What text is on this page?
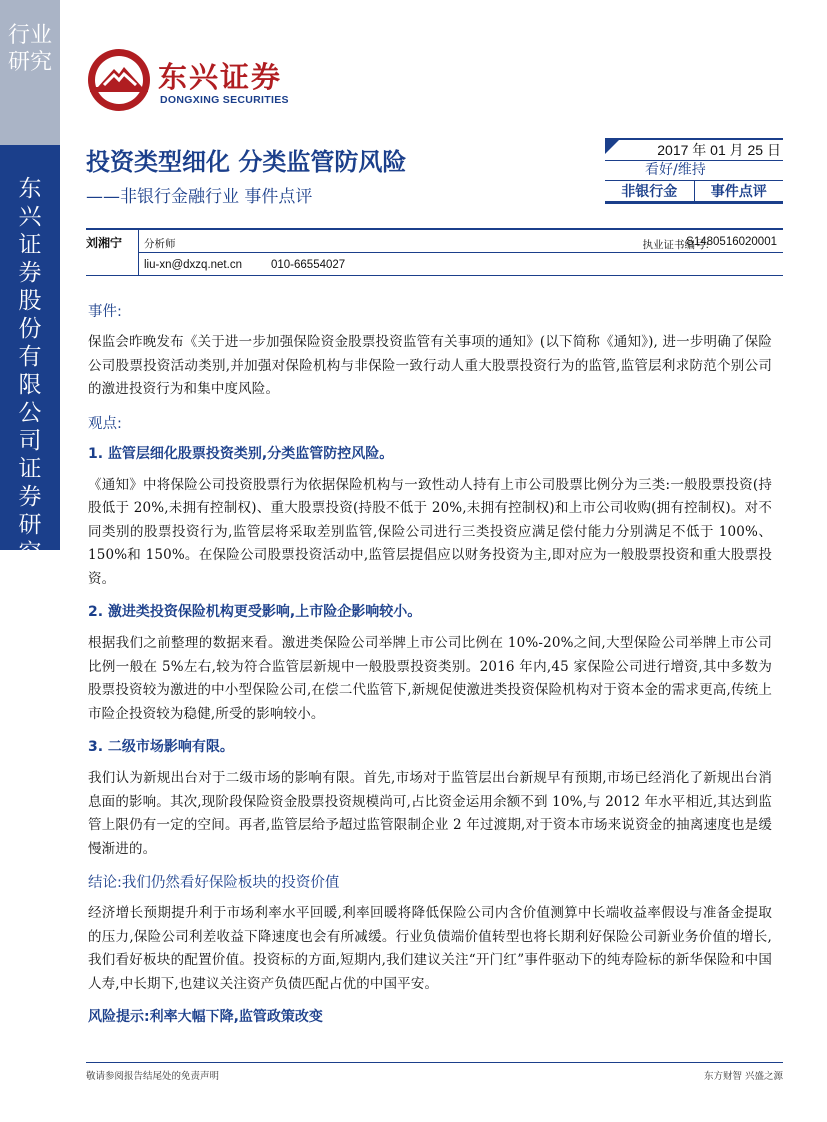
行业研究
东兴证券股份有限公司证券研究报告
东兴证券
DONGXING SECURITIES
投资类型细化 分类监管防风险
——非银行金融行业 事件点评
2017 年 01 月 25 日
看好/维持
非银行金	事件点评
刘湘宁 分析师	执业证书编号:
S1480516020001
liu-xn@dxzq.net.cn	010-66554027
事件:

保监会昨晚发布《关于进一步加强保险资金股票投资监管有关事项的通知》(以下简称《通知》), 进一步明确了保险公司股票投资活动类别,并加强对保险机构与非保险一致行动人重大股票投资行为的监管,监管层利求防范个别公司的激进投资行为和集中度风险。

观点:
1. 监管层细化股票投资类别,分类监管防控风险。

《通知》中将保险公司投资股票行为依据保险机构与一致性动人持有上市公司股票比例分为三类:一般股票投资(持股低于 20%,未拥有控制权)、重大股票投资(持股不低于 20%,未拥有控制权)和上市公司收购(拥有控制权)。对不同类别的股票投资行为,监管层将采取差别监管,保险公司进行三类投资应满足偿付能力分别满足不低于 100%、150%和 150%。在保险公司股票投资活动中,监管层提倡应以财务投资为主,即对应为一般股票投资和重大股票投资。

2. 激进类投资保险机构更受影响,上市险企影响较小。

根据我们之前整理的数据来看。激进类保险公司举牌上市公司比例在 10%-20%之间,大型保险公司举牌上市公司比例一般在 5%左右,较为符合监管层新规中一般股票投资类别。2016 年内,45 家保险公司进行增资,其中多数为股票投资较为激进的中小型保险公司,在偿二代监管下,新规促使激进类投资保险机构对于资本金的需求更高,传统上市险企投资较为稳健,所受的影响较小。

3. 二级市场影响有限。

我们认为新规出台对于二级市场的影响有限。首先,市场对于监管层出台新规早有预期,市场已经消化了新规出台消息面的影响。其次,现阶段保险资金股票投资规模尚可,占比资金运用余额不到 10%,与 2012 年水平相近,其达到监管上限仍有一定的空间。再者,监管层给予超过监管限制企业 2 年过渡期,对于资本市场来说资金的抽离速度也是缓慢渐进的。

结论:我们仍然看好保险板块的投资价值

经济增长预期提升利于市场利率水平回暖,利率回暖将降低保险公司内含价值测算中长端收益率假设与准备金提取的压力,保险公司利差收益下降速度也会有所减缓。行业负债端价值转型也将长期利好保险公司新业务价值的增长,我们看好板块的配置价值。投资标的方面,短期内,我们建议关注“开门红”事件驱动下的纯寿险标的新华保险和中国人寿,中长期下,也建议关注资产负债匹配占优的中国平安。

风险提示:利率大幅下降,监管政策改变
敬请参阅报告结尾处的免责声明	东方财智 兴盛之源
